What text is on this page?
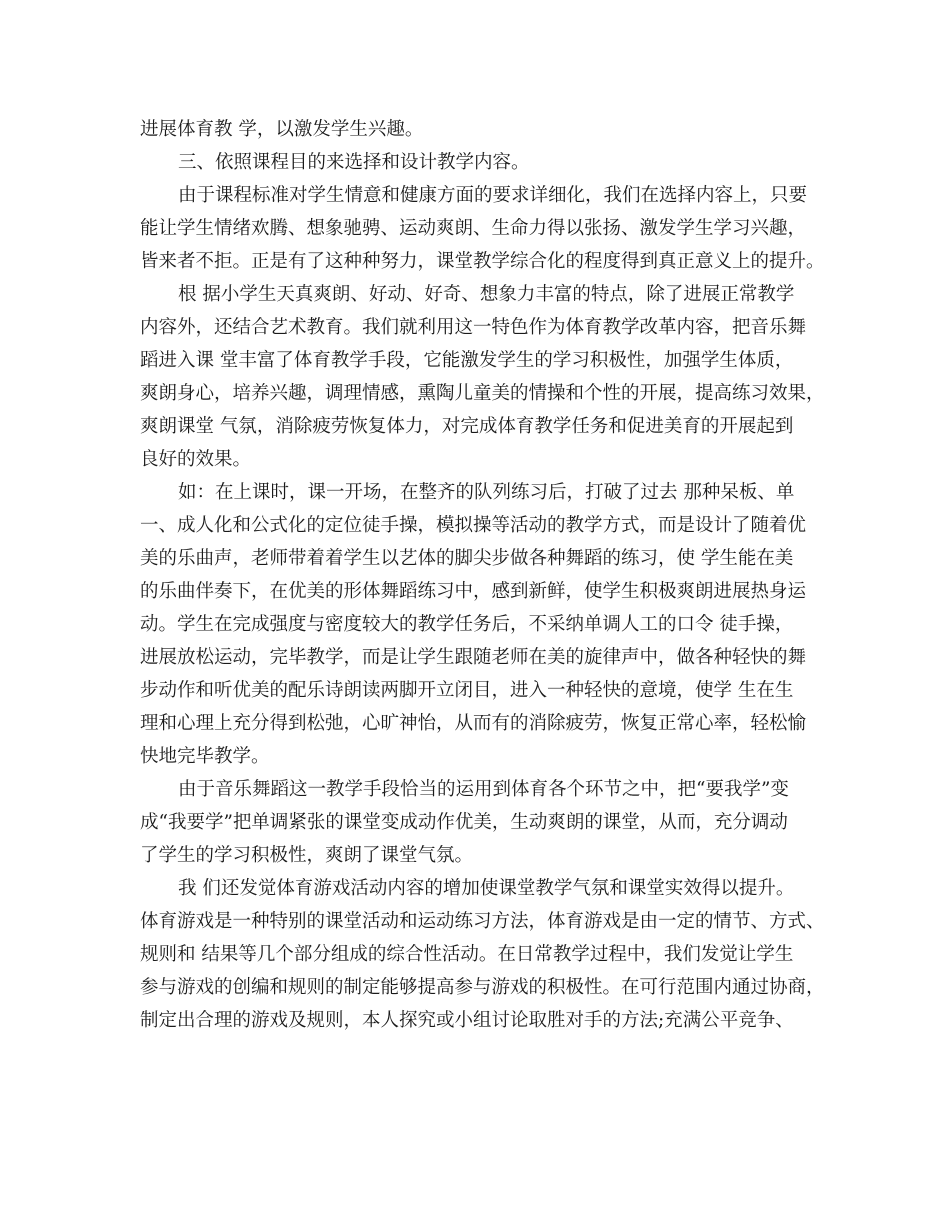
进展体育教 学，以激发学生兴趣。
三、依照课程目的来选择和设计教学内容。
由于课程标准对学生情意和健康方面的要求详细化，我们在选择内容上，只要
能让学生情绪欢腾、想象驰骋、运动爽朗、生命力得以张扬、激发学生学习兴趣，
皆来者不拒。正是有了这种种努力，课堂教学综合化的程度得到真正意义上的提升。
根 据小学生天真爽朗、好动、好奇、想象力丰富的特点，除了进展正常教学
内容外，还结合艺术教育。我们就利用这一特色作为体育教学改革内容，把音乐舞
蹈进入课 堂丰富了体育教学手段，它能激发学生的学习积极性，加强学生体质，
爽朗身心，培养兴趣，调理情感，熏陶儿童美的情操和个性的开展，提高练习效果，
爽朗课堂 气氛，消除疲劳恢复体力，对完成体育教学任务和促进美育的开展起到
良好的效果。
如：在上课时，课一开场，在整齐的队列练习后，打破了过去 那种呆板、单
一、成人化和公式化的定位徒手操，模拟操等活动的教学方式，而是设计了随着优
美的乐曲声，老师带着着学生以艺体的脚尖步做各种舞蹈的练习，使 学生能在美
的乐曲伴奏下，在优美的形体舞蹈练习中，感到新鲜，使学生积极爽朗进展热身运
动。学生在完成强度与密度较大的教学任务后，不采纳单调人工的口令 徒手操，
进展放松运动，完毕教学，而是让学生跟随老师在美的旋律声中，做各种轻快的舞
步动作和听优美的配乐诗朗读两脚开立闭目，进入一种轻快的意境，使学 生在生
理和心理上充分得到松弛，心旷神怡，从而有的消除疲劳，恢复正常心率，轻松愉
快地完毕教学。
由于音乐舞蹈这一教学手段恰当的运用到体育各个环节之中，把“要我学”变
成“我要学”把单调紧张的课堂变成动作优美，生动爽朗的课堂，从而，充分调动
了学生的学习积极性，爽朗了课堂气氛。
我 们还发觉体育游戏活动内容的增加使课堂教学气氛和课堂实效得以提升。
体育游戏是一种特别的课堂活动和运动练习方法，体育游戏是由一定的情节、方式、
规则和 结果等几个部分组成的综合性活动。在日常教学过程中，我们发觉让学生
参与游戏的创编和规则的制定能够提高参与游戏的积极性。在可行范围内通过协商，
制定出合理的游戏及规则，本人探究或小组讨论取胜对手的方法;充满公平竞争、
